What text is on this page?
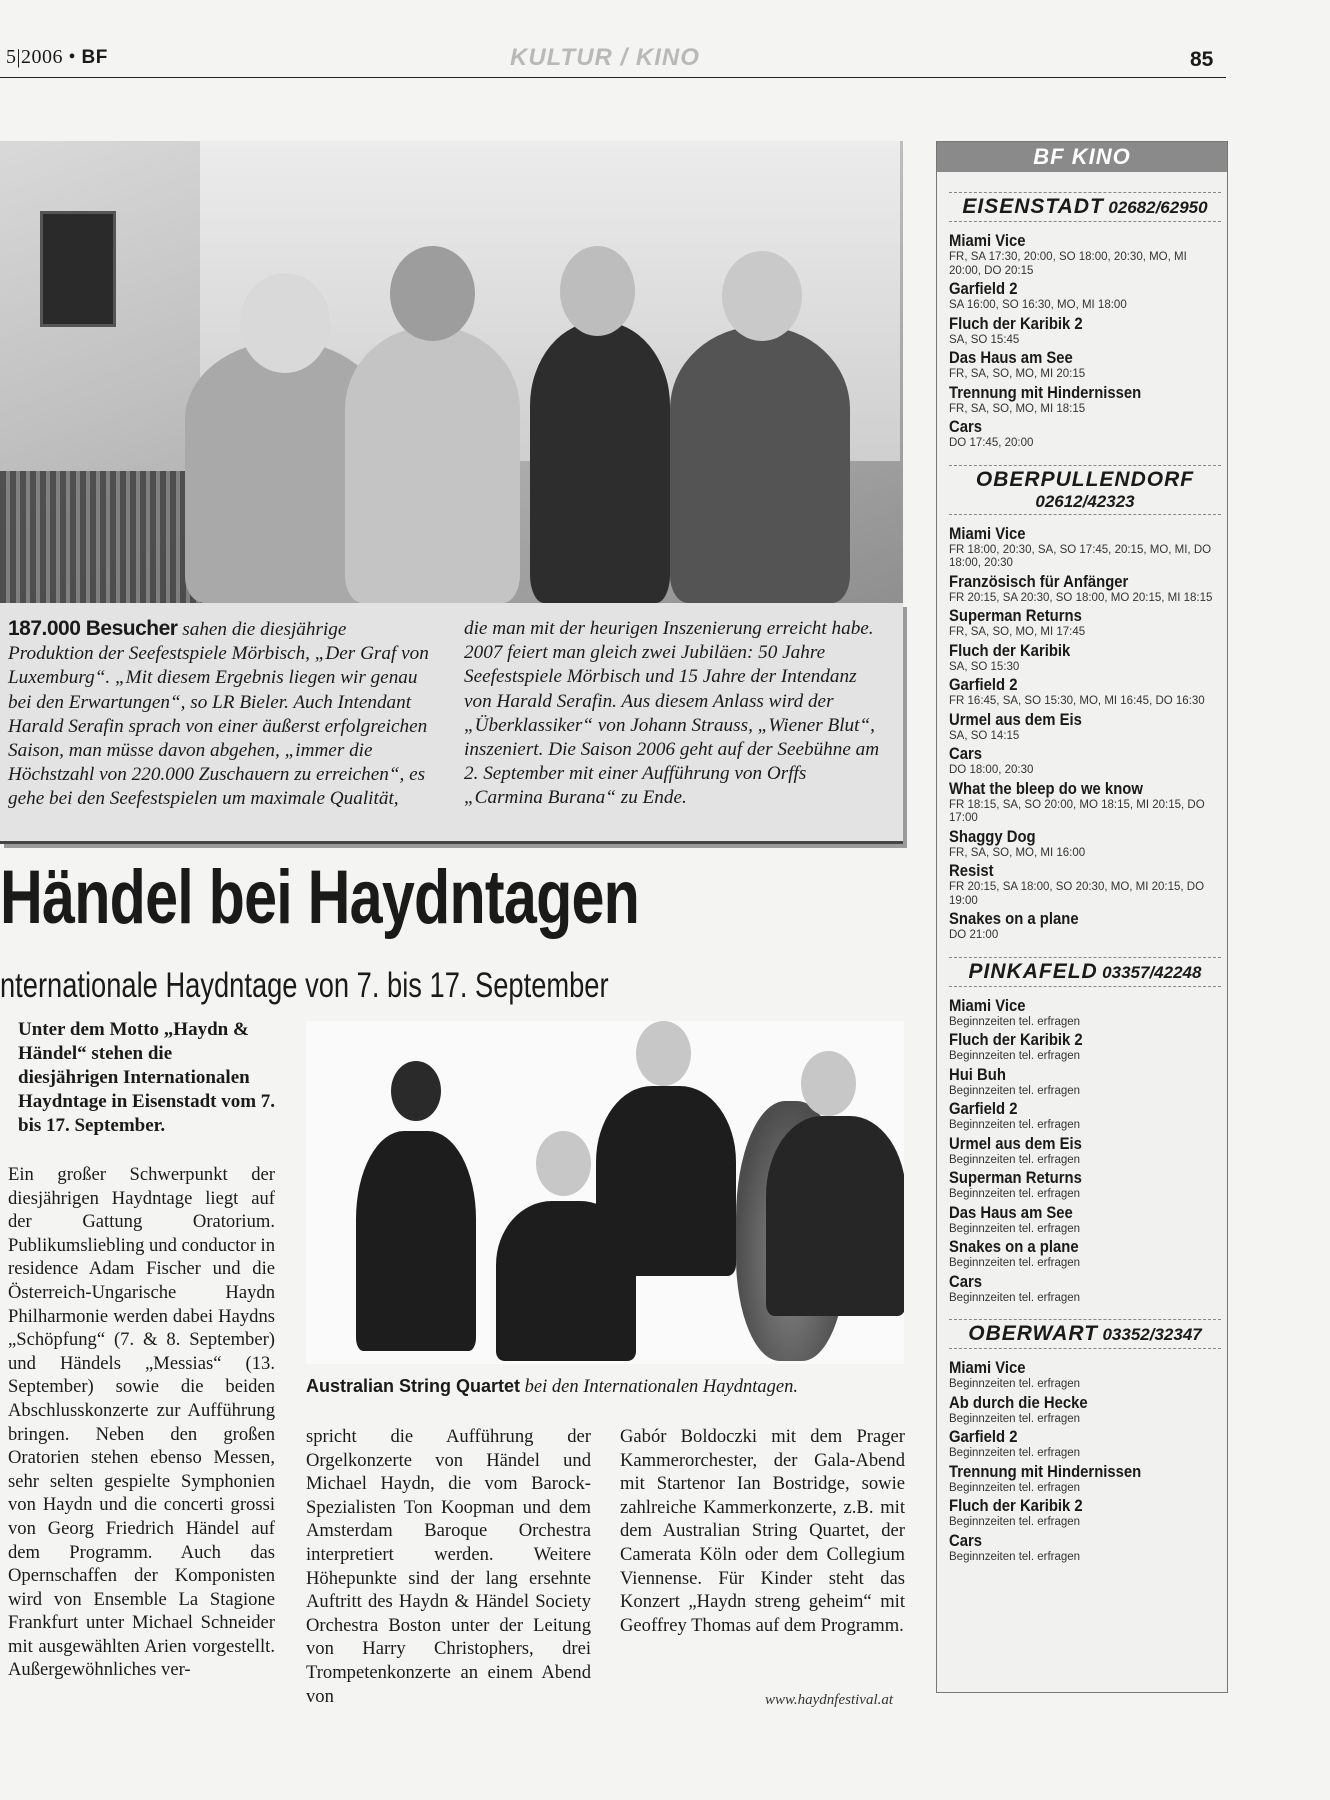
5|2006 • BF	KULTUR / KINO	85
187.000 Besucher sahen die diesjährige Produktion der Seefestspiele Mörbisch, „Der Graf von Luxemburg“. „Mit diesem Ergebnis liegen wir genau bei den Erwartungen“, so LR Bieler. Auch Intendant Harald Serafin sprach von einer äußerst erfolgreichen Saison, man müsse davon abgehen, „immer die Höchstzahl von 220.000 Zuschauern zu erreichen“, es gehe bei den Seefestspielen um maximale Qualität,
die man mit der heurigen Inszenierung erreicht habe. 2007 feiert man gleich zwei Jubiläen: 50 Jahre Seefestspiele Mörbisch und 15 Jahre der Intendanz von Harald Serafin. Aus diesem Anlass wird der „Überklassiker“ von Johann Strauss, „Wiener Blut“, inszeniert. Die Saison 2006 geht auf der Seebühne am 2. September mit einer Aufführung von Orffs „Carmina Burana“ zu Ende.
Händel bei Haydntagen
nternationale Haydntage von 7. bis 17. September
Unter dem Motto „Haydn & Händel“ stehen die diesjährigen Internationalen Haydntage in Eisenstadt vom 7. bis 17. September.
Ein großer Schwerpunkt der diesjährigen Haydntage liegt auf der Gattung Oratorium. Publikumsliebling und conductor in residence Adam Fischer und die Österreich-Ungarische Haydn Philharmonie werden dabei Haydns „Schöpfung“ (7. & 8. September) und Händels „Messias“ (13. September) sowie die beiden Abschlusskonzerte zur Aufführung bringen. Neben den großen Oratorien stehen ebenso Messen, sehr selten gespielte Symphonien von Haydn und die concerti grossi von Georg Friedrich Händel auf dem Programm. Auch das Opernschaffen der Komponisten wird von Ensemble La Stagione Frankfurt unter Michael Schneider mit ausgewählten Arien vorgestellt. Außergewöhnliches ver-
spricht die Aufführung der Orgelkonzerte von Händel und Michael Haydn, die vom Barock-Spezialisten Ton Koopman und dem Amsterdam Baroque Orchestra interpretiert werden. Weitere Höhepunkte sind der lang ersehnte Auftritt des Haydn & Händel Society Orchestra Boston unter der Leitung von Harry Christophers, drei Trompetenkonzerte an einem Abend von
Gabór Boldoczki mit dem Prager Kammerorchester, der Gala-Abend mit Startenor Ian Bostridge, sowie zahlreiche Kammerkonzerte, z.B. mit dem Australian String Quartet, der Camerata Köln oder dem Collegium Viennense. Für Kinder steht das Konzert „Haydn streng geheim“ mit Geoffrey Thomas auf dem Programm.
www.haydnfestival.at
Australian String Quartet bei den Internationalen Haydntagen.
BF KINO
EISENSTADT 02682/62950
Miami Vice
FR, SA 17:30, 20:00, SO 18:00, 20:30, MO, MI 20:00, DO 20:15
Garfield 2
SA 16:00, SO 16:30, MO, MI 18:00
Fluch der Karibik 2
SA, SO 15:45
Das Haus am See
FR, SA, SO, MO, MI 20:15
Trennung mit Hindernissen
FR, SA, SO, MO, MI 18:15
Cars
DO 17:45, 20:00
OBERPULLENDORF
02612/42323
Miami Vice
FR 18:00, 20:30, SA, SO 17:45, 20:15, MO, MI, DO 18:00, 20:30
Französisch für Anfänger
FR 20:15, SA 20:30, SO 18:00, MO 20:15, MI 18:15
Superman Returns
FR, SA, SO, MO, MI 17:45
Fluch der Karibik
SA, SO 15:30
Garfield 2
FR 16:45, SA, SO 15:30, MO, MI 16:45, DO 16:30
Urmel aus dem Eis
SA, SO 14:15
Cars
DO 18:00, 20:30
What the bleep do we know
FR 18:15, SA, SO 20:00, MO 18:15, MI 20:15, DO 17:00
Shaggy Dog
FR, SA, SO, MO, MI 16:00
Resist
FR 20:15, SA 18:00, SO 20:30, MO, MI 20:15, DO 19:00
Snakes on a plane
DO 21:00
PINKAFELD 03357/42248
Miami Vice
Beginnzeiten tel. erfragen
Fluch der Karibik 2
Beginnzeiten tel. erfragen
Hui Buh
Beginnzeiten tel. erfragen
Garfield 2
Beginnzeiten tel. erfragen
Urmel aus dem Eis
Beginnzeiten tel. erfragen
Superman Returns
Beginnzeiten tel. erfragen
Das Haus am See
Beginnzeiten tel. erfragen
Snakes on a plane
Beginnzeiten tel. erfragen
Cars
Beginnzeiten tel. erfragen
OBERWART 03352/32347
Miami Vice
Beginnzeiten tel. erfragen
Ab durch die Hecke
Beginnzeiten tel. erfragen
Garfield 2
Beginnzeiten tel. erfragen
Trennung mit Hindernissen
Beginnzeiten tel. erfragen
Fluch der Karibik 2
Beginnzeiten tel. erfragen
Cars
Beginnzeiten tel. erfragen
